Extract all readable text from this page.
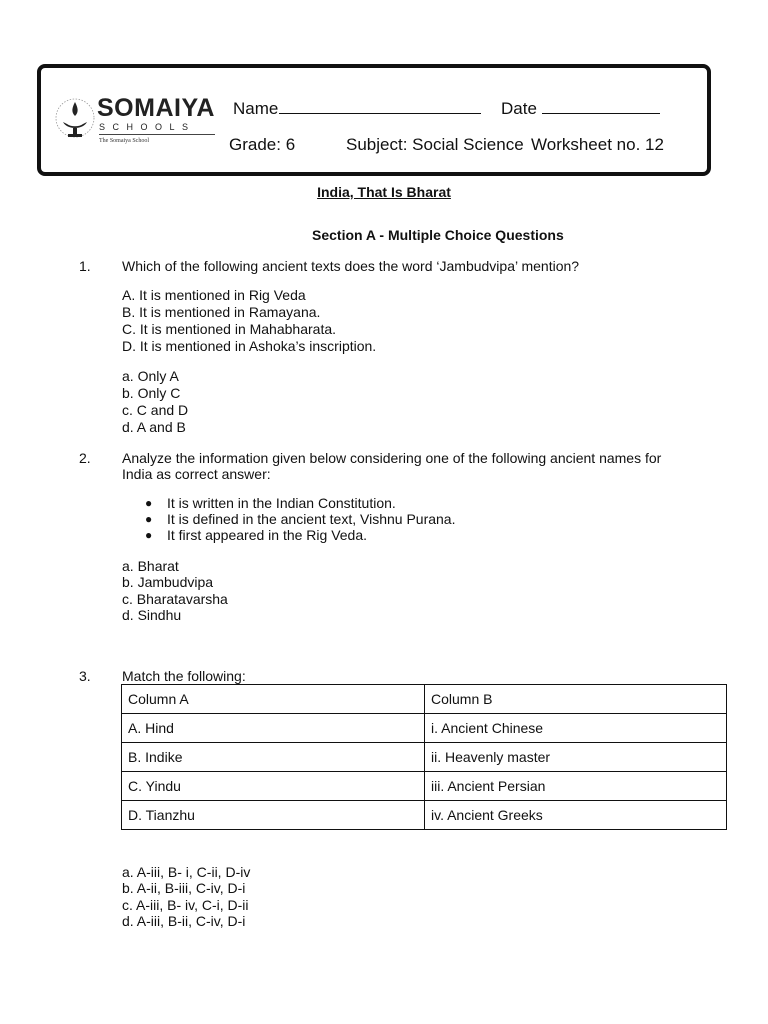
SOMAIYA
SCHOOLS
The Somaiya School
Name	Date
Grade: 6	Subject: Social Science Worksheet no. 12
India, That Is Bharat
Section A - Multiple Choice Questions
1. Which of the following ancient texts does the word ‘Jambudvipa’ mention?
A. It is mentioned in Rig Veda
B. It is mentioned in Ramayana.
C. It is mentioned in Mahabharata.
D. It is mentioned in Ashoka’s inscription.
a. Only A
b. Only C
c. C and D
d. A and B
2. Analyze the information given below considering one of the following ancient names for
India as correct answer:
● It is written in the Indian Constitution.
● It is defined in the ancient text, Vishnu Purana.
● It first appeared in the Rig Veda.
a. Bharat
b. Jambudvipa
c. Bharatavarsha
d. Sindhu
3. Match the following:
Column A	Column B
A. Hind	i. Ancient Chinese
B. Indike	ii. Heavenly master
C. Yindu	iii. Ancient Persian
D. Tianzhu	iv. Ancient Greeks
a. A-iii, B- i, C-ii, D-iv
b. A-ii, B-iii, C-iv, D-i
c. A-iii, B- iv, C-i, D-ii
d. A-iii, B-ii, C-iv, D-i
